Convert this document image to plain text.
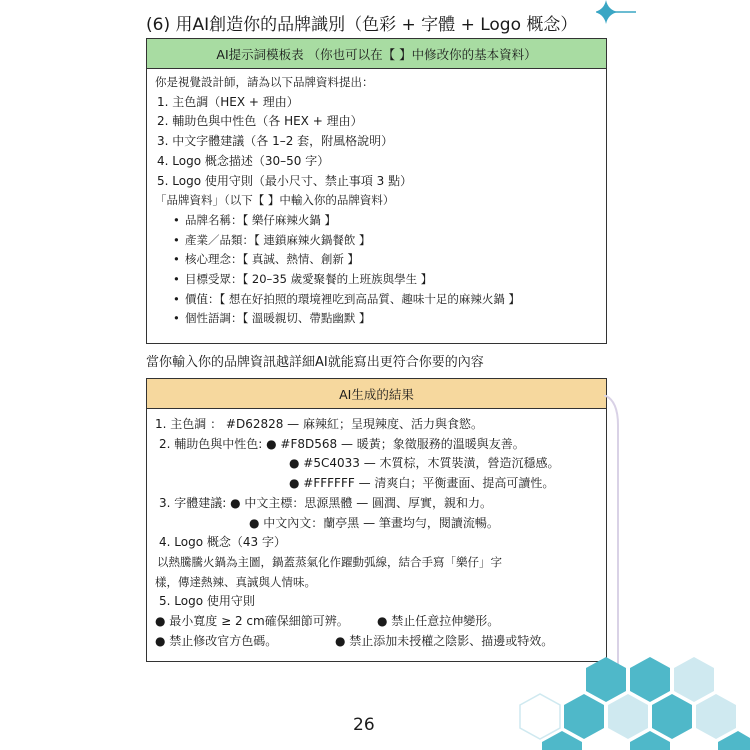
(6) 用AI創造你的品牌識別（色彩 + 字體 + Logo 概念）
AI提示詞模板表 （你也可以在【 】中修改你的基本資料）
你是視覺設計師，請為以下品牌資料提出：
1. 主色調（HEX + 理由）
2. 輔助色與中性色（各 HEX + 理由）
3. 中文字體建議（各 1–2 套，附風格說明）
4. Logo 概念描述（30–50 字）
5. Logo 使用守則（最小尺寸、禁止事項 3 點）
「品牌資料」（以下【 】中輸入你的品牌資料）
• 品牌名稱：【 樂仔麻辣火鍋 】
• 產業／品類：【 連鎖麻辣火鍋餐飲 】
• 核心理念：【 真誠、熱情、創新 】
• 目標受眾：【 20–35 歲愛聚餐的上班族與學生 】
• 價值：【 想在好拍照的環境裡吃到高品質、趣味十足的麻辣火鍋 】
• 個性語調：【 溫暖親切、帶點幽默 】
當你輸入你的品牌資訊越詳細AI就能寫出更符合你要的內容
AI生成的結果
1. 主色調 ： #D62828 — 麻辣紅；呈現辣度、活力與食慾。
2. 輔助色與中性色: ● #F8D568 — 暖黃；象徵服務的溫暖與友善。
● #5C4033 — 木質棕，木質裝潢，營造沉穩感。
● #FFFFFF — 清爽白；平衡畫面、提高可讀性。
3. 字體建議: ● 中文主標：思源黑體 — 圓潤、厚實，親和力。
● 中文內文：蘭亭黑 — 筆畫均勻，閱讀流暢。
4. Logo 概念（43 字）
以熱騰騰火鍋為主圖，鍋蓋蒸氣化作躍動弧線，結合手寫「樂仔」字
樣，傳達熱辣、真誠與人情味。
5. Logo 使用守則
● 最小寬度 ≥ 2 cm確保細節可辨。 ● 禁止任意拉伸變形。
● 禁止修改官方色碼。	● 禁止添加未授權之陰影、描邊或特效。
26
